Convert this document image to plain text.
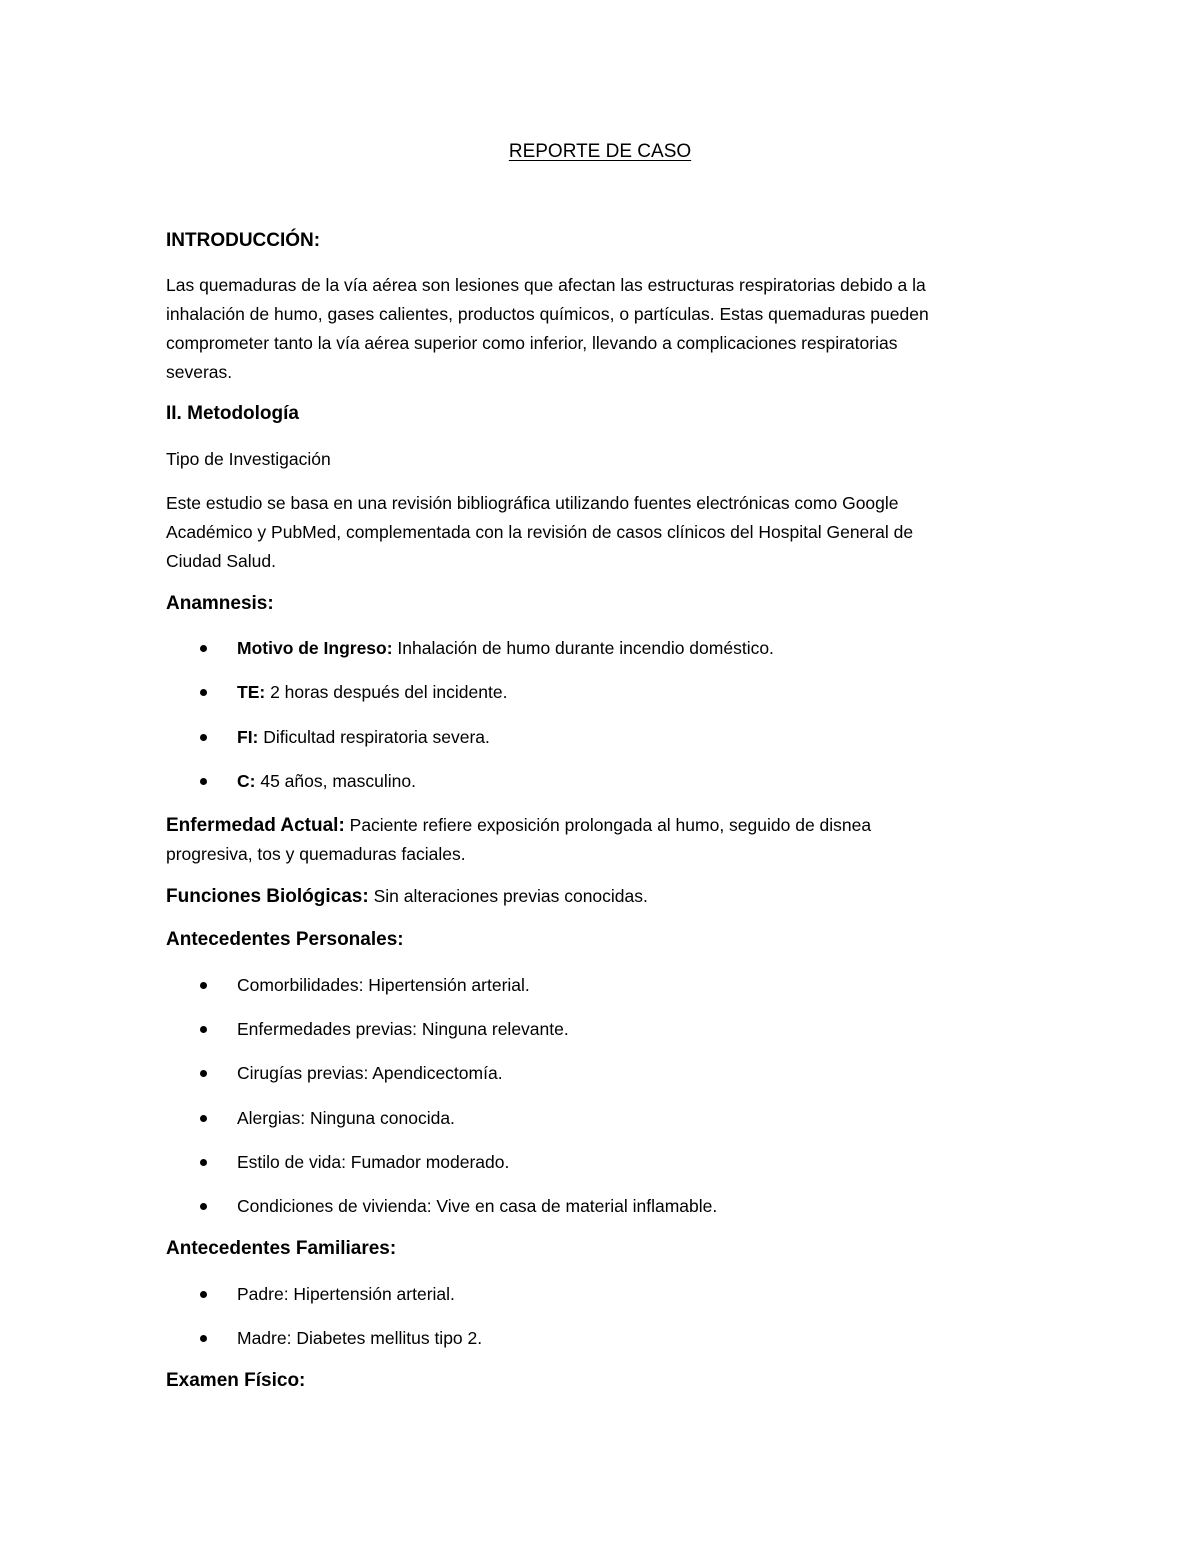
REPORTE DE CASO
INTRODUCCIÓN:
Las quemaduras de la vía aérea son lesiones que afectan las estructuras respiratorias debido a la
inhalación de humo, gases calientes, productos químicos, o partículas. Estas quemaduras pueden
comprometer tanto la vía aérea superior como inferior, llevando a complicaciones respiratorias
severas.
II. Metodología
Tipo de Investigación
Este estudio se basa en una revisión bibliográfica utilizando fuentes electrónicas como Google
Académico y PubMed, complementada con la revisión de casos clínicos del Hospital General de
Ciudad Salud.
Anamnesis:
Motivo de Ingreso: Inhalación de humo durante incendio doméstico.
TE: 2 horas después del incidente.
FI: Dificultad respiratoria severa.
C: 45 años, masculino.
Enfermedad Actual: Paciente refiere exposición prolongada al humo, seguido de disnea
progresiva, tos y quemaduras faciales.
Funciones Biológicas: Sin alteraciones previas conocidas.
Antecedentes Personales:
Comorbilidades: Hipertensión arterial.
Enfermedades previas: Ninguna relevante.
Cirugías previas: Apendicectomía.
Alergias: Ninguna conocida.
Estilo de vida: Fumador moderado.
Condiciones de vivienda: Vive en casa de material inflamable.
Antecedentes Familiares:
Padre: Hipertensión arterial.
Madre: Diabetes mellitus tipo 2.
Examen Físico:
